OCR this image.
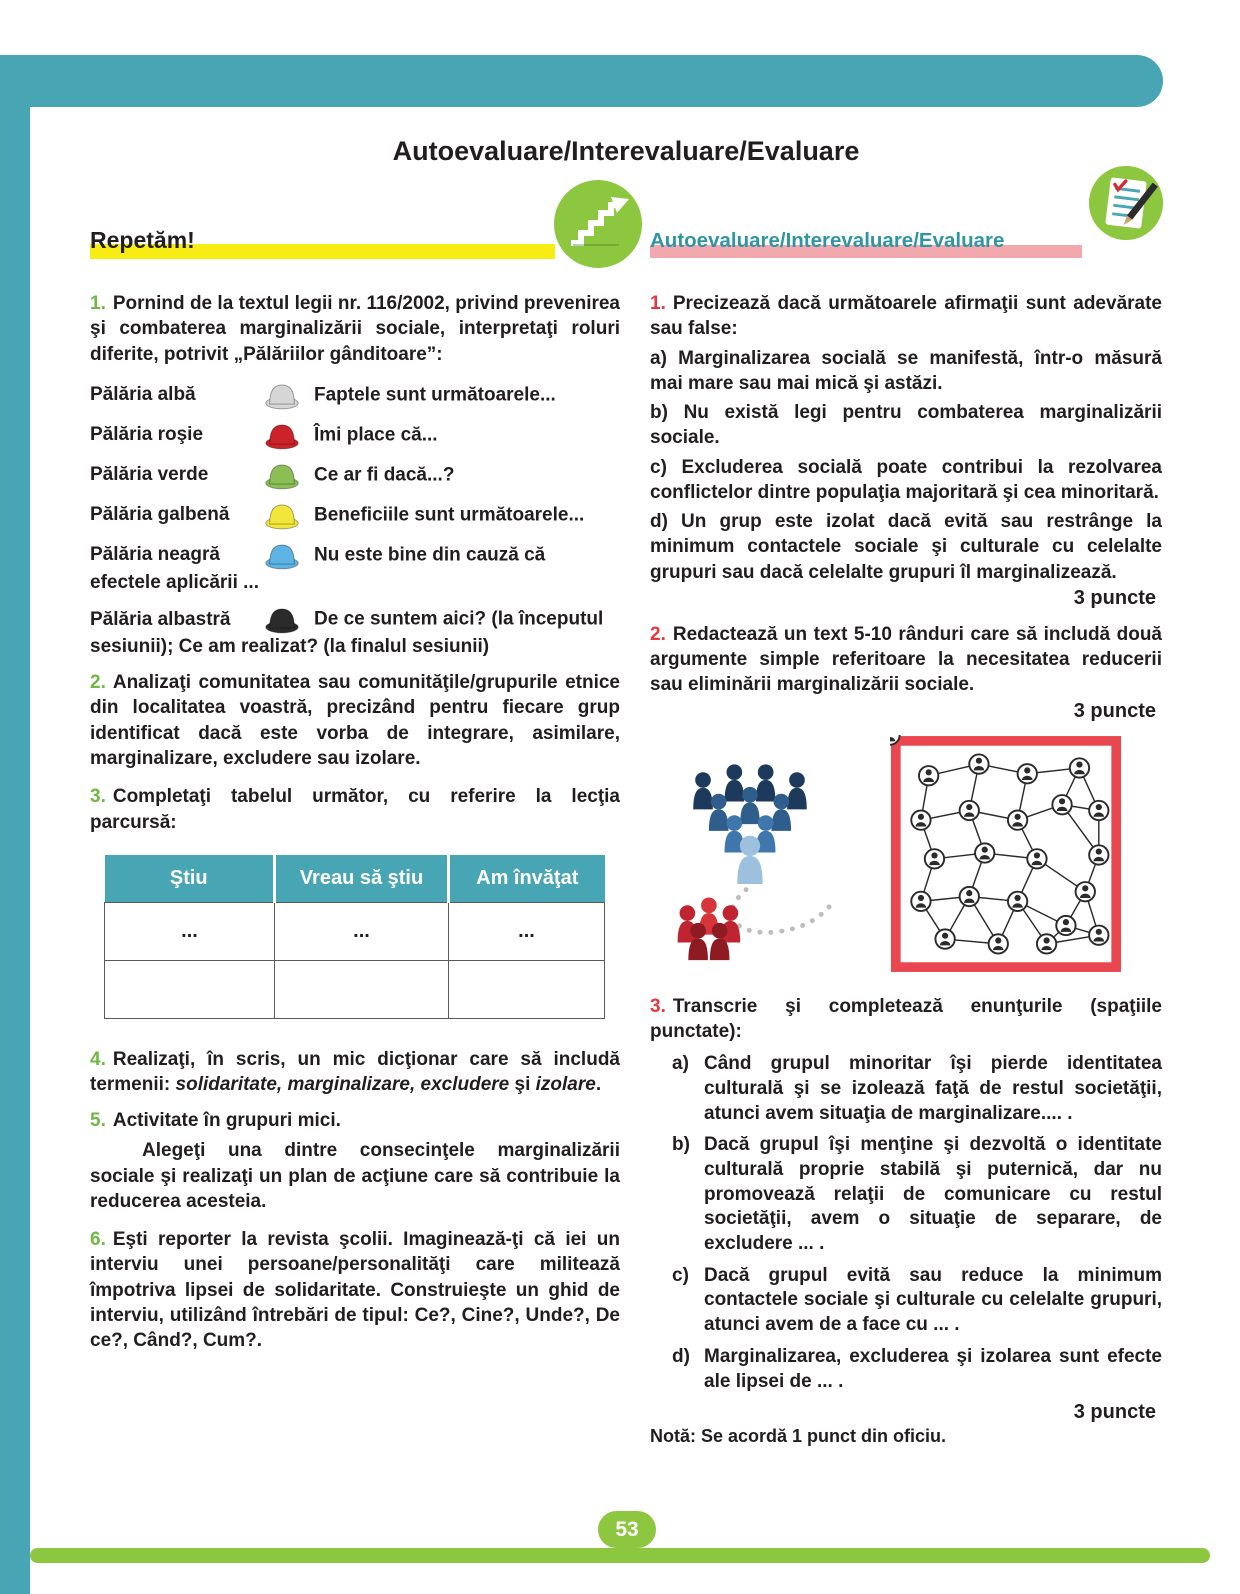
Autoevaluare/Interevaluare/Evaluare
Repetăm!	Autoevaluare/Interevaluare/Evaluare

1. Pornind de la textul legii nr. 116/2002, privind prevenirea şi combaterea marginalizării sociale, interpretaţi roluri diferite, potrivit „Pălăriilor gânditoare”:

Pălăria albă	Faptele sunt următoarele...
Pălăria roşie	Îmi place că...
Pălăria verde	Ce ar fi dacă...?
Pălăria galbenă	Beneficiile sunt următoarele...
Pălăria neagră	Nu este bine din cauză că efectele aplicării ...
Pălăria albastră	De ce suntem aici? (la începutul sesiunii); Ce am realizat? (la finalul sesiunii)

2. Analizaţi comunitatea sau comunităţile/grupurile etnice din localitatea voastră, precizând pentru fiecare grup identificat dacă este vorba de integrare, asimilare, marginalizare, excludere sau izolare.

3. Completaţi tabelul următor, cu referire la lecţia parcursă:

Ştiu	Vreau să ştiu	Am învăţat
...	...	...

4. Realizaţi, în scris, un mic dicţionar care să includă termenii: solidaritate, marginalizare, excludere şi izolare.

5. Activitate în grupuri mici.

Alegeţi una dintre consecinţele marginalizării sociale şi realizaţi un plan de acţiune care să contribuie la reducerea acesteia.

6. Eşti reporter la revista şcolii. Imaginează-ţi că iei un interviu unei persoane/personalităţi care militează împotriva lipsei de solidaritate. Construieşte un ghid de interviu, utilizând întrebări de tipul: Ce?, Cine?, Unde?, De ce?, Când?, Cum?.

1. Precizează dacă următoarele afirmaţii sunt adevărate sau false:

a) Marginalizarea socială se manifestă, într-o măsură mai mare sau mai mică şi astăzi.

b) Nu există legi pentru combaterea marginalizării sociale.

c) Excluderea socială poate contribui la rezolvarea conflictelor dintre populaţia majoritară şi cea minoritară.

d) Un grup este izolat dacă evită sau restrânge la minimum contactele sociale şi culturale cu celelalte grupuri sau dacă celelalte grupuri îl marginalizează.

3 puncte

2. Redactează un text 5-10 rânduri care să includă două argumente simple referitoare la necesitatea reducerii sau eliminării marginalizării sociale.

3 puncte

3. Transcrie şi completează enunţurile (spaţiile punctate):

a) Când grupul minoritar îşi pierde identitatea culturală şi se izolează faţă de restul societăţii, atunci avem situaţia de marginalizare.... .
b) Dacă grupul îşi menţine şi dezvoltă o identitate culturală proprie stabilă şi puternică, dar nu promovează relaţii de comunicare cu restul societăţii, avem o situaţie de separare, de excludere ... .
c) Dacă grupul evită sau reduce la minimum contactele sociale şi culturale cu celelalte grupuri, atunci avem de a face cu ... .
d) Marginalizarea, excluderea şi izolarea sunt efecte ale lipsei de ... .
3 puncte

Notă: Se acordă 1 punct din oficiu.

53
